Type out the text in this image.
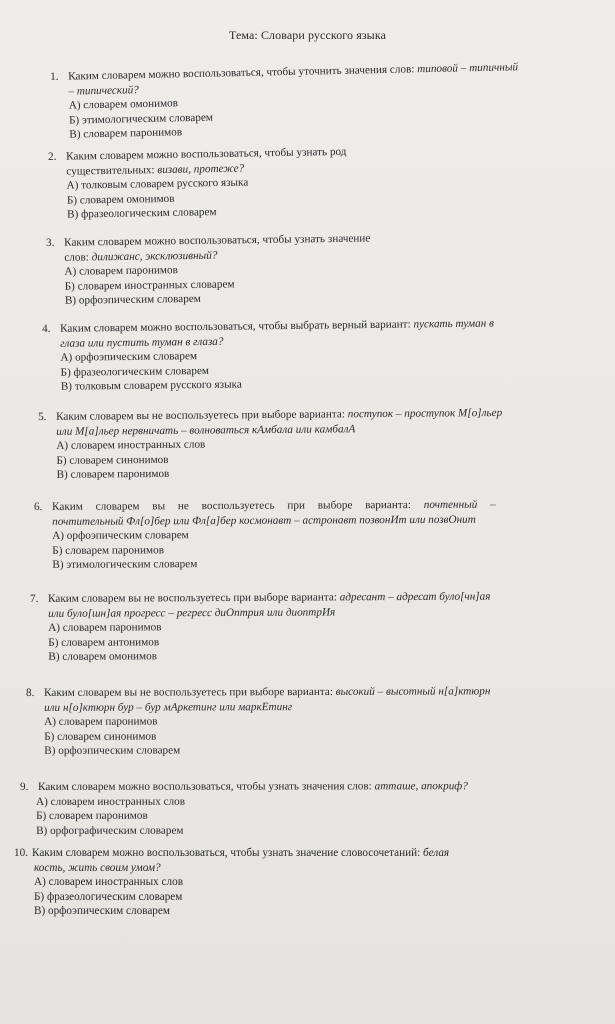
Тема: Словари русского языка
1. Каким словарем можно воспользоваться, чтобы уточнить значения слов: типовой – типичный
– типический?
А) словарем омонимов
Б) этимологическим словарем
В) словарем паронимов
2. Каким словарем можно воспользоваться, чтобы узнать род
существительных: визави, протеже?
А) толковым словарем русского языка
Б) словарем омонимов
В) фразеологическим словарем
3. Каким словарем можно воспользоваться, чтобы узнать значение
слов: дилижанс, эксклюзивный?
А) словарем паронимов
Б) словарем иностранных словарем
В) орфоэпическим словарем
4. Каким словарем можно воспользоваться, чтобы выбрать верный вариант: пускать туман в
глаза или пустить туман в глаза?
А) орфоэпическим словарем
Б) фразеологическим словарем
В) толковым словарем русского языка
5. Каким словарем вы не воспользуетесь при выборе варианта: поступок – проступок М[о]льер
или М[а]льер нервничать – волноваться кАмбала или камбалА
А) словарем иностранных слов
Б) словарем синонимов
В) словарем паронимов
6. Каким словарем вы не воспользуетесь при выборе варианта: почтенный –
почтительный Фл[о]бер или Фл[а]бер космонавт – астронавт позвонИт или позвОнит
А) орфоэпическим словарем
Б) словарем паронимов
В) этимологическим словарем
7. Каким словарем вы не воспользуетесь при выборе варианта: адресант – адресат було[чн]ая
или було[шн]ая прогресс – регресс диОптрия или диоптрИя
А) словарем паронимов
Б) словарем антонимов
В) словарем омонимов
8. Каким словарем вы не воспользуетесь при выборе варианта: высокий – высотный н[а]ктюрн
или н[о]ктюрн бур – бур мАркетинг или маркЕтинг
А) словарем паронимов
Б) словарем синонимов
В) орфоэпическим словарем
9. Каким словарем можно воспользоваться, чтобы узнать значения слов: атташе, апокриф?
А) словарем иностранных слов
Б) словарем паронимов
В) орфографическим словарем
10. Каким словарем можно воспользоваться, чтобы узнать значение словосочетаний: белая
кость, жить своим умом?
А) словарем иностранных слов
Б) фразеологическим словарем
В) орфоэпическим словарем
